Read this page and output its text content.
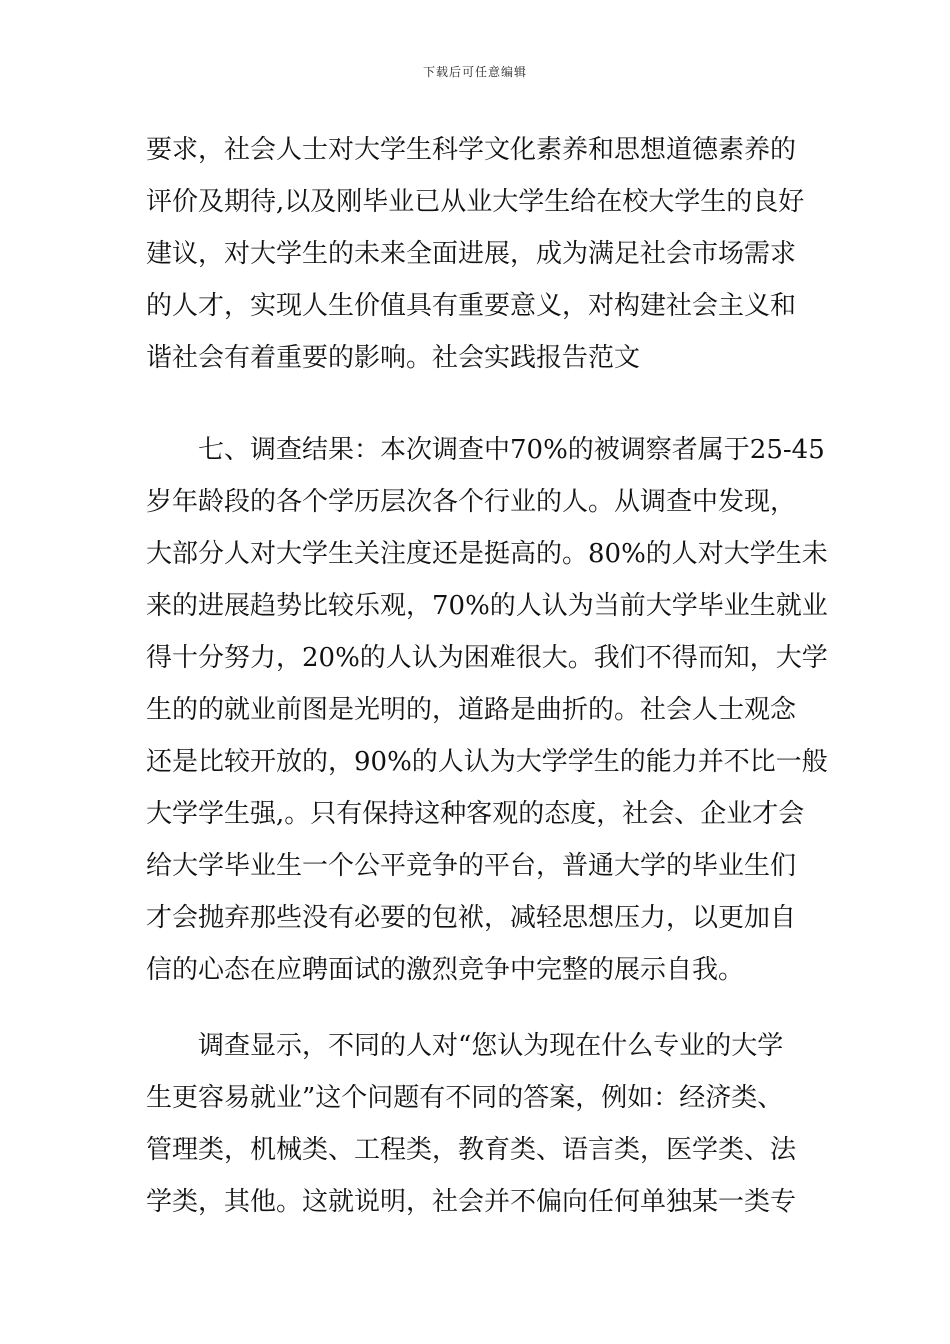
下载后可任意编辑
要求，社会人士对大学生科学文化素养和思想道德素养的
评价及期待,以及刚毕业已从业大学生给在校大学生的良好
建议，对大学生的未来全面进展，成为满足社会市场需求
的人才，实现人生价值具有重要意义，对构建社会主义和
谐社会有着重要的影响。社会实践报告范文
　　七、调查结果：本次调查中70%的被调察者属于25-45
岁年龄段的各个学历层次各个行业的人。从调查中发现，
大部分人对大学生关注度还是挺高的。80%的人对大学生未
来的进展趋势比较乐观，70%的人认为当前大学毕业生就业
得十分努力，20%的人认为困难很大。我们不得而知，大学
生的的就业前图是光明的，道路是曲折的。社会人士观念
还是比较开放的，90%的人认为大学学生的能力并不比一般
大学学生强,。只有保持这种客观的态度，社会、企业才会
给大学毕业生一个公平竞争的平台，普通大学的毕业生们
才会抛弃那些没有必要的包袱，减轻思想压力，以更加自
信的心态在应聘面试的激烈竞争中完整的展示自我。
　　调查显示，不同的人对“您认为现在什么专业的大学
生更容易就业”这个问题有不同的答案，例如：经济类、
管理类，机械类、工程类，教育类、语言类，医学类、法
学类，其他。这就说明，社会并不偏向任何单独某一类专
